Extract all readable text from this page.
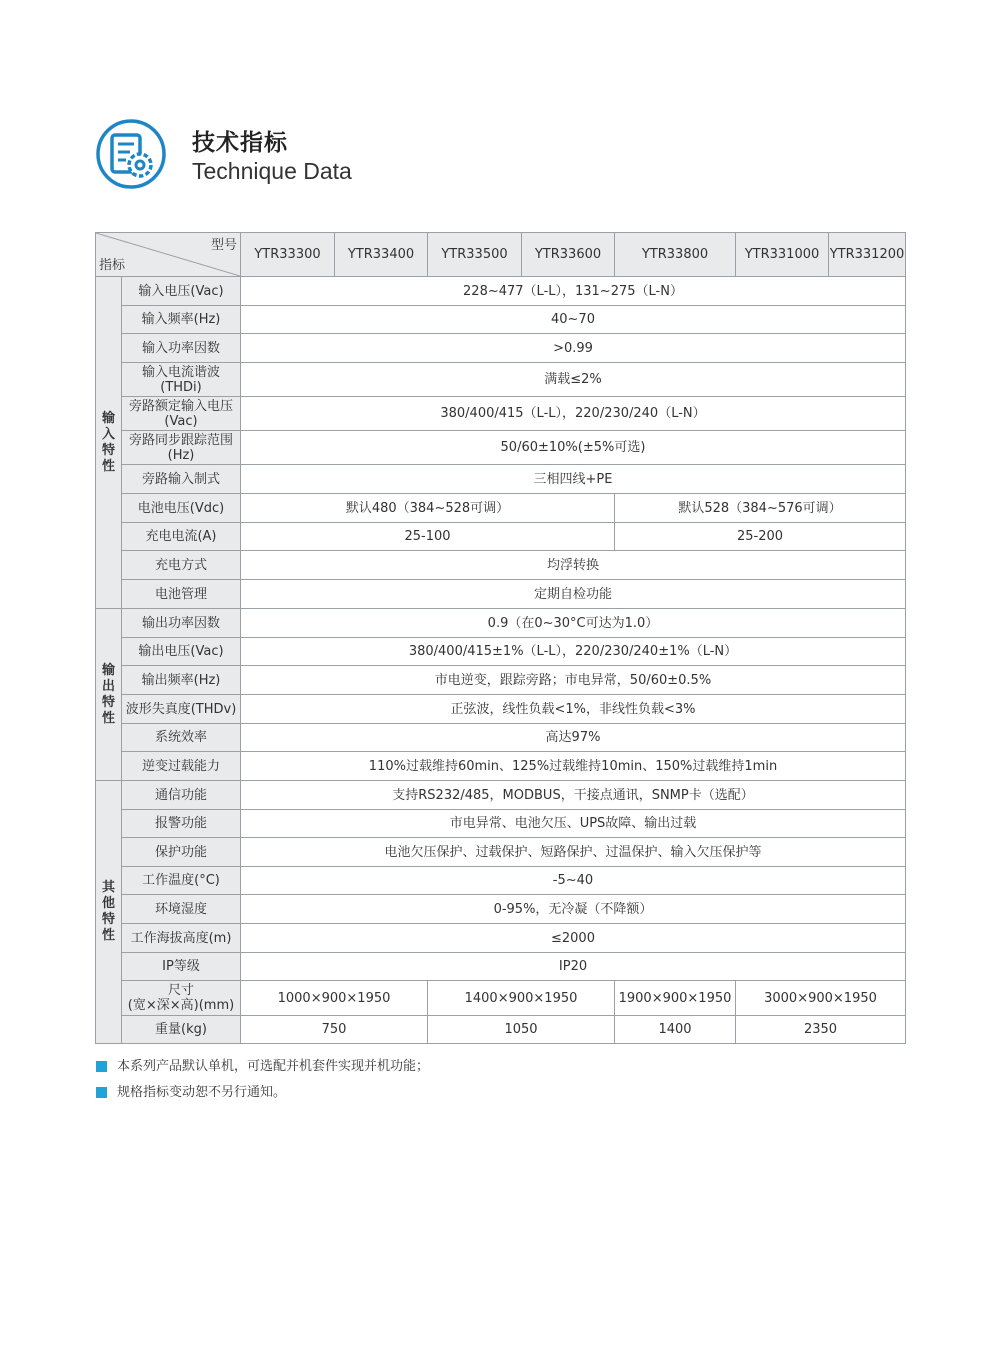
技术指标
Technique Data
型号
指标		YTR33300	YTR33400	YTR33500	YTR33600	YTR33800	YTR331000	YTR331200
输入特性	输入电压(Vac)	228~477（L-L），131~275（L-N）						
	输入频率(Hz)	40~70						
	输入功率因数	>0.99						
	输入电流谐波
(THDi)	满载≤2%						
	旁路额定输入电压
(Vac)	380/400/415（L-L），220/230/240（L-N）						
	旁路同步跟踪范围
(Hz)	50/60±10%(±5%可选)						
	旁路输入制式	三相四线+PE						
	电池电压(Vdc)	默认480（384~528可调）				默认528（384~576可调）		
	充电电流(A)	25-100				25-200		
	充电方式	均浮转换						
	电池管理	定期自检功能						
输出特性	输出功率因数	0.9（在0~30°C可达为1.0）						
	输出电压(Vac)	380/400/415±1%（L-L），220/230/240±1%（L-N）						
	输出频率(Hz)	市电逆变，跟踪旁路；市电异常，50/60±0.5%						
	波形失真度(THDv)	正弦波，线性负载<1%，非线性负载<3%						
	系统效率	高达97%						
	逆变过载能力	110%过载维持60min、125%过载维持10min、150%过载维持1min						
其他特性	通信功能	支持RS232/485，MODBUS，干接点通讯，SNMP卡（选配）						
	报警功能	市电异常、电池欠压、UPS故障、输出过载						
	保护功能	电池欠压保护、过载保护、短路保护、过温保护、输入欠压保护等						
	工作温度(°C)	-5~40						
	环境湿度	0-95%，无冷凝（不降额）						
	工作海拔高度(m)	≤2000						
	IP等级	IP20						
	尺寸
(宽×深×高)(mm)	1000×900×1950		1400×900×1950		1900×900×1950	3000×900×1950	
	重量(kg)	750		1050		1400	2350	
本系列产品默认单机，可选配并机套件实现并机功能；
规格指标变动恕不另行通知。
